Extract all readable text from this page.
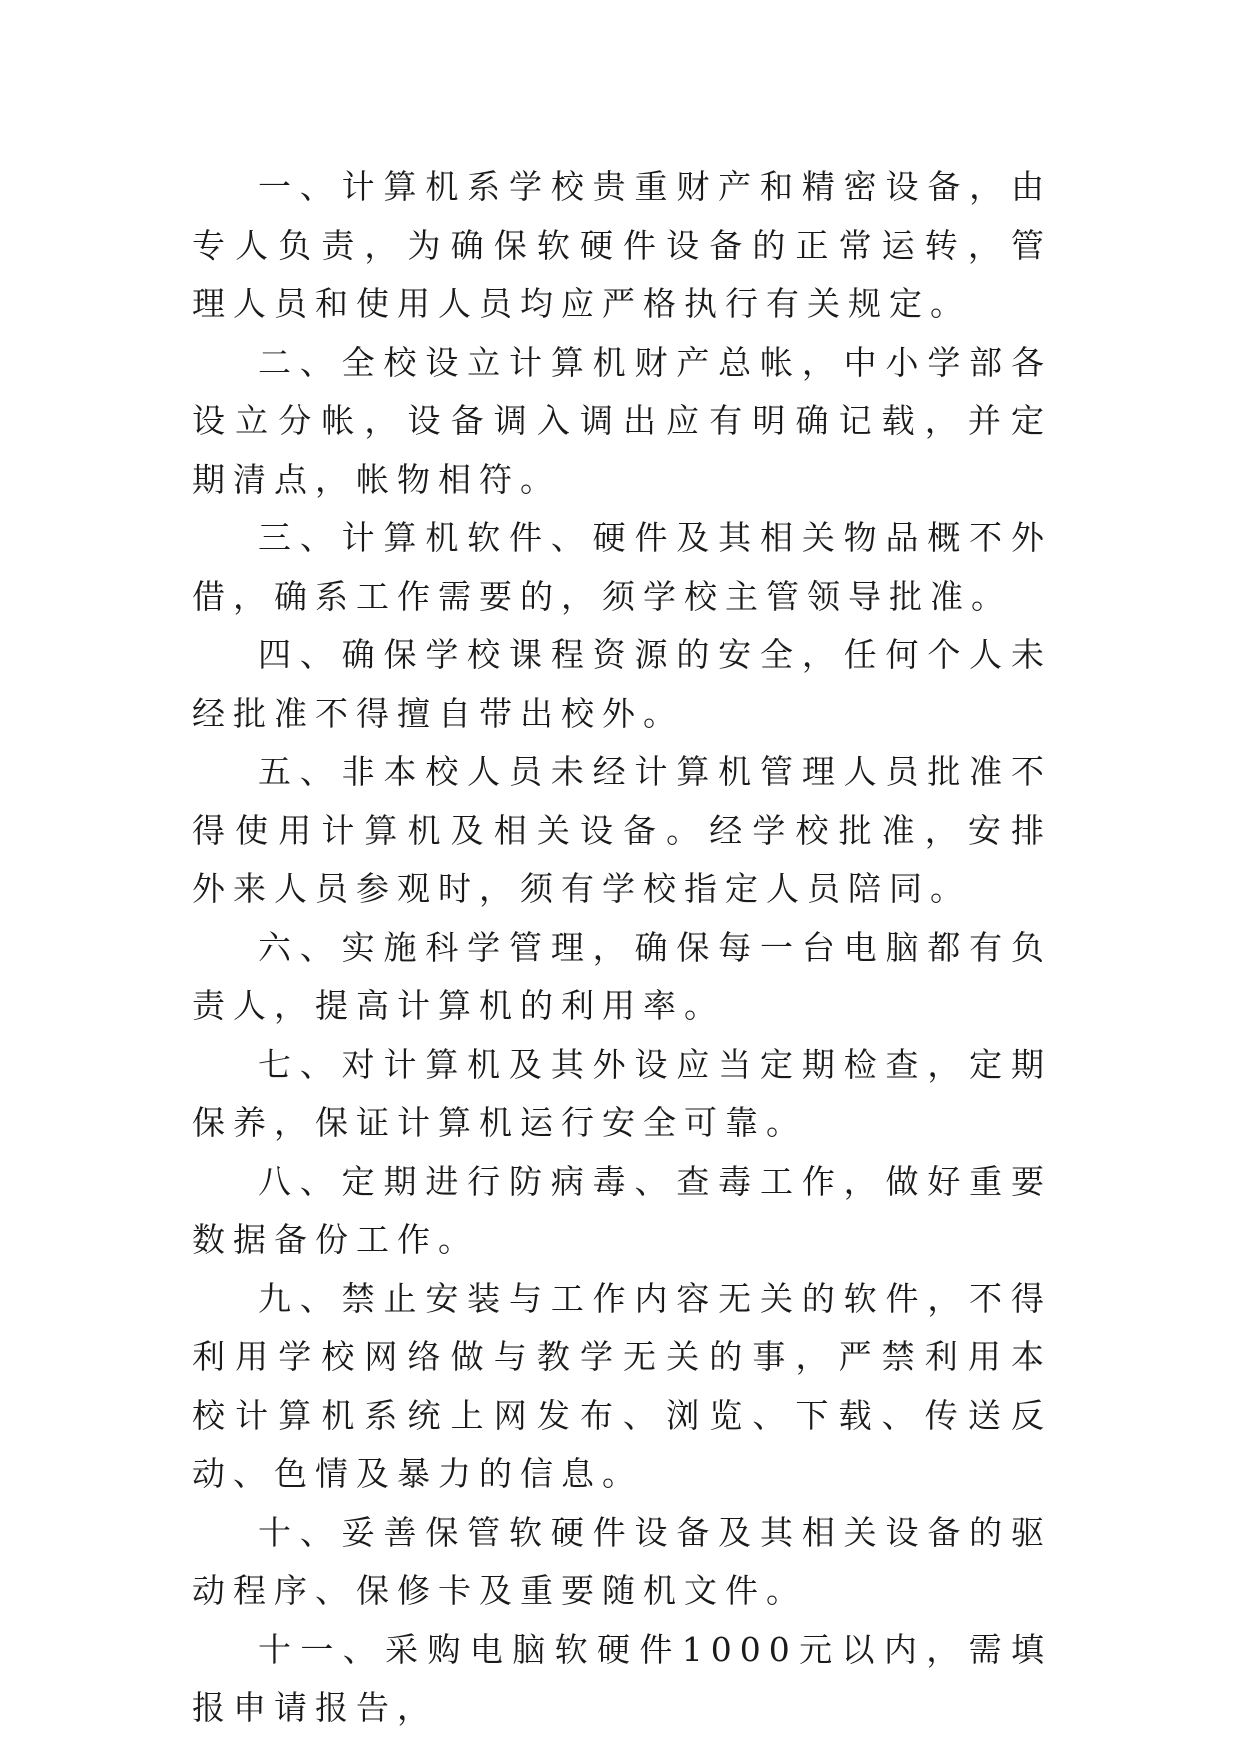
一、计算机系学校贵重财产和精密设备，由专人负责，为确保软硬件设备的正常运转，管理人员和使用人员均应严格执行有关规定。

二、全校设立计算机财产总帐，中小学部各设立分帐，设备调入调出应有明确记载，并定期清点，帐物相符。

三、计算机软件、硬件及其相关物品概不外借，确系工作需要的，须学校主管领导批准。

四、确保学校课程资源的安全，任何个人未经批准不得擅自带出校外。

五、非本校人员未经计算机管理人员批准不得使用计算机及相关设备。经学校批准，安排外来人员参观时，须有学校指定人员陪同。

六、实施科学管理，确保每一台电脑都有负责人，提高计算机的利用率。

七、对计算机及其外设应当定期检查，定期保养，保证计算机运行安全可靠。

八、定期进行防病毒、查毒工作，做好重要数据备份工作。

九、禁止安装与工作内容无关的软件，不得利用学校网络做与教学无关的事，严禁利用本校计算机系统上网发布、浏览、下载、传送反动、色情及暴力的信息。

十、妥善保管软硬件设备及其相关设备的驱动程序、保修卡及重要随机文件。

十一、采购电脑软硬件1000元以内，需填报申请报告，
